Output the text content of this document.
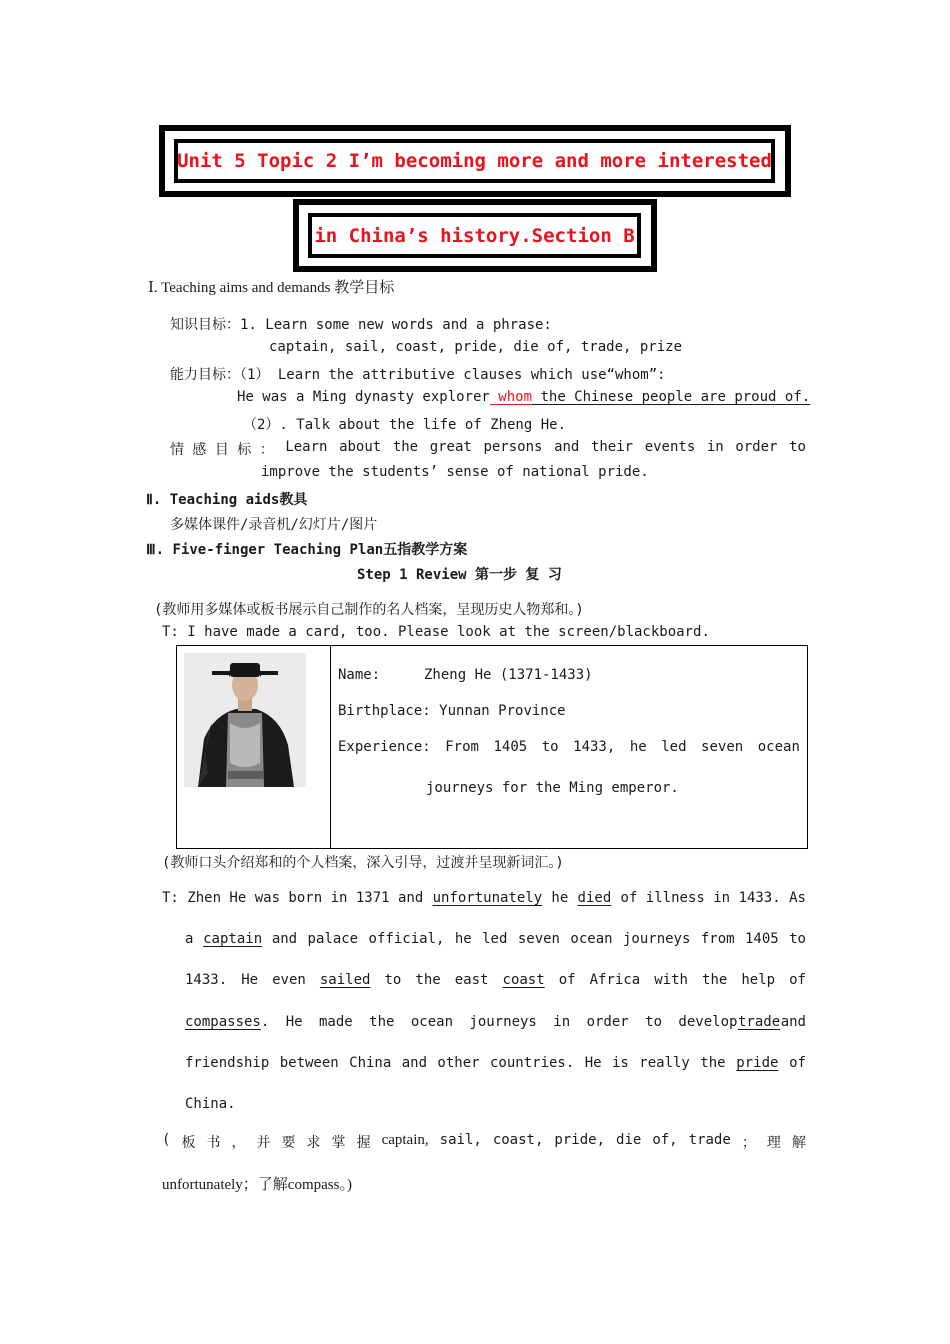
Unit 5 Topic 2 I’m becoming more and more interested
in China’s history.Section B
Ⅰ. Teaching aims and demands 教学目标
知识目标：1. Learn some new words and a phrase:
captain, sail, coast, pride, die of, trade, prize
能力目标：（1） Learn the attributive clauses which use“whom”:
He was a Ming dynasty explorer whom the Chinese people are proud of.
（2）. Talk about the life of Zheng He.
情 感 目 标 ： Learn about the great persons and their events in order to
improve the students’ sense of national pride.
Ⅱ. Teaching aids教具
多媒体课件/录音机/幻灯片/图片
Ⅲ. Five-finger Teaching Plan五指教学方案
Step 1 Review 第一步 复 习
(教师用多媒体或板书展示自己制作的名人档案，呈现历史人物郑和。)
T: I have made a card, too. Please look at the screen/blackboard.
Name:	Zheng He (1371-1433)
Birthplace: Yunnan Province
Experience: From 1405 to 1433, he led seven ocean
journeys for the Ming emperor.
(教师口头介绍郑和的个人档案，深入引导，过渡并呈现新词汇。)
T: Zhen He was born in 1371 and unfortunately he died of illness in 1433. As
a captain and palace official, he led seven ocean journeys from 1405 to
1433. He even sailed to the east coast of Africa with the help of
compasses. He made the ocean journeys in order to develop trade and
friendship between China and other countries. He is really the pride of
China.
( 板 书 ， 并 要 求 掌 握 captain, sail, coast, pride, die of, trade ； 理 解
unfortunately；了解compass。)
